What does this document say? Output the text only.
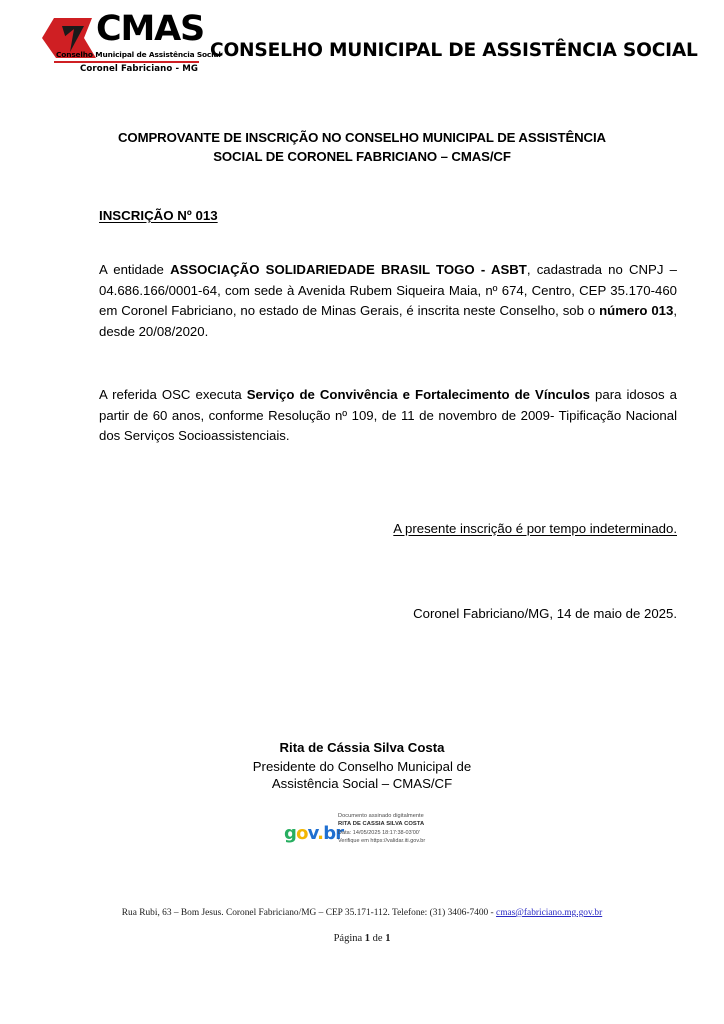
CMAS
Conselho Municipal de Assistência Social
Coronel Fabriciano - MG
CONSELHO MUNICIPAL DE ASSISTÊNCIA SOCIAL
COMPROVANTE DE INSCRIÇÃO NO CONSELHO MUNICIPAL DE ASSISTÊNCIA
SOCIAL DE CORONEL FABRICIANO – CMAS/CF
INSCRIÇÃO Nº 013
A entidade ASSOCIAÇÃO SOLIDARIEDADE BRASIL TOGO - ASBT, cadastrada no CNPJ – 04.686.166/0001-64, com sede à Avenida Rubem Siqueira Maia, nº 674, Centro, CEP 35.170-460 em Coronel Fabriciano, no estado de Minas Gerais, é inscrita neste Conselho, sob o número 013, desde 20/08/2020.
A referida OSC executa Serviço de Convivência e Fortalecimento de Vínculos para idosos a partir de 60 anos, conforme Resolução nº 109, de 11 de novembro de 2009- Tipificação Nacional dos Serviços Socioassistenciais.
A presente inscrição é por tempo indeterminado.
Coronel Fabriciano/MG, 14 de maio de 2025.
Rita de Cássia Silva Costa
Presidente do Conselho Municipal de
Assistência Social – CMAS/CF
gov.br
Documento assinado digitalmente
RITA DE CASSIA SILVA COSTA
Data: 14/05/2025 18:17:38-03'00'
Verifique em https://validar.iti.gov.br
Rua Rubi, 63 – Bom Jesus. Coronel Fabriciano/MG – CEP 35.171-112. Telefone: (31) 3406-7400 - cmas@fabriciano.mg.gov.br
Página 1 de 1
